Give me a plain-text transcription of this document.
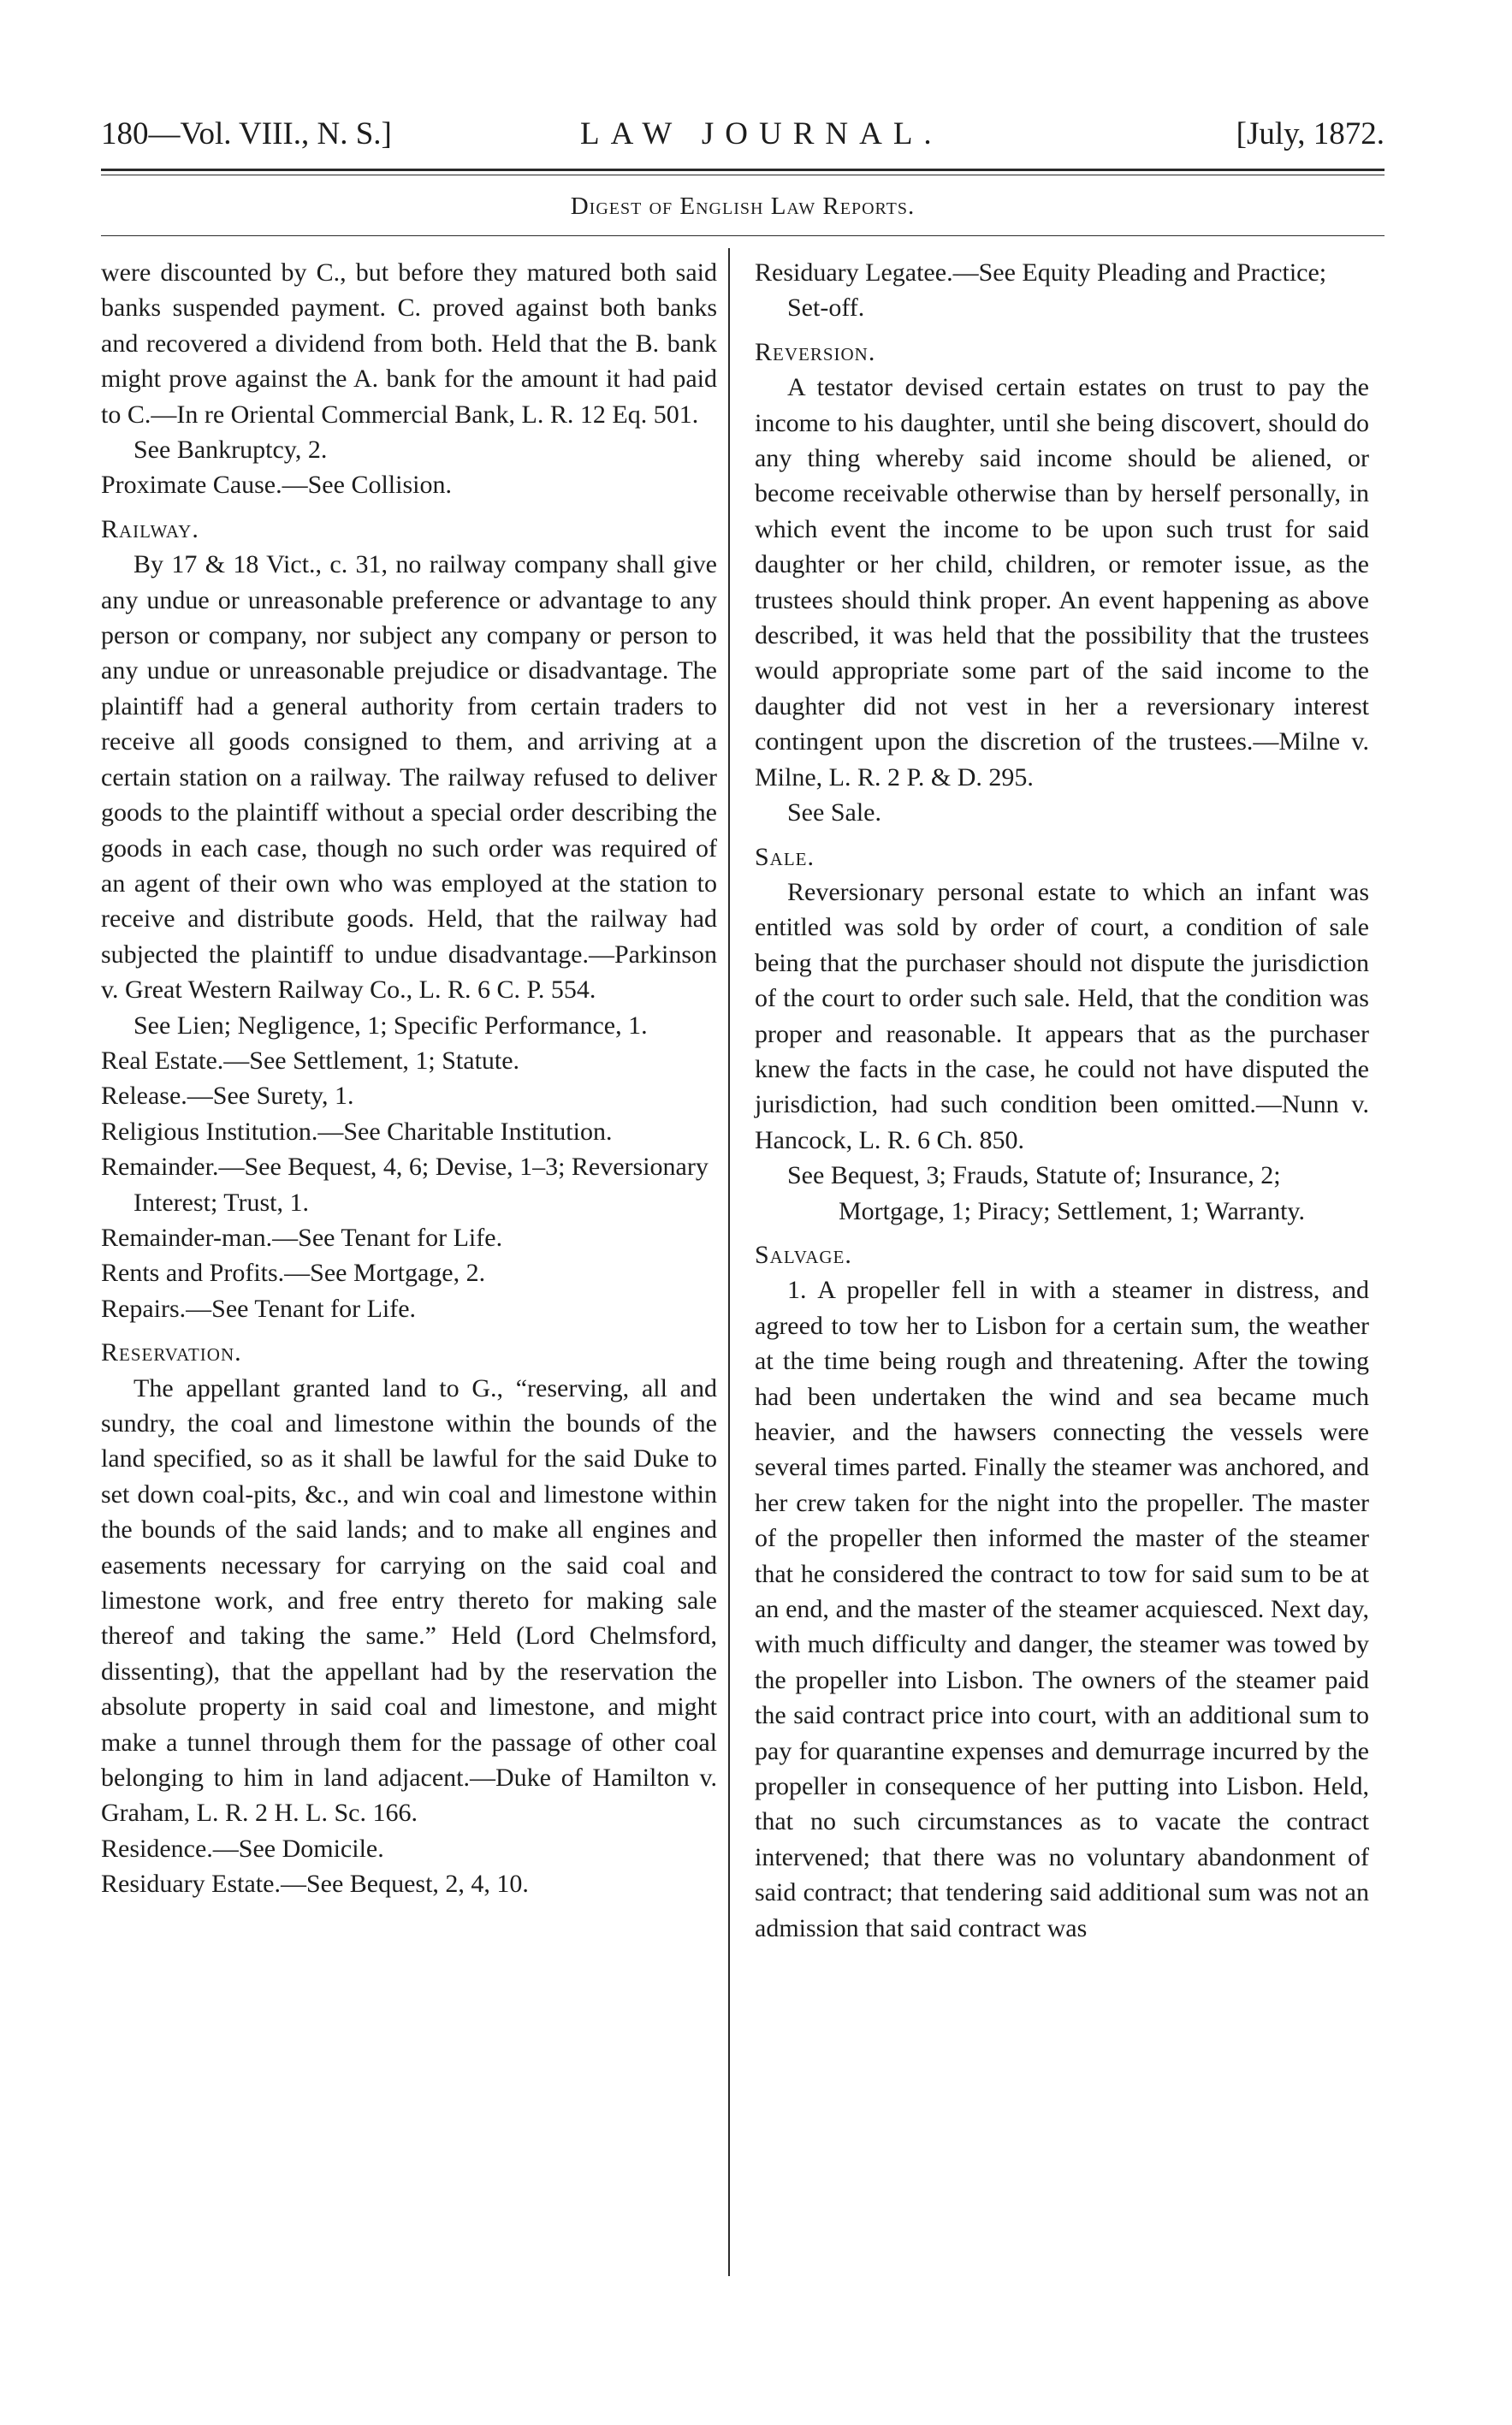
180—Vol. VIII., N. S.]	LAW JOURNAL.	[July, 1872.
Digest of English Law Reports.

were discounted by C., but before they matured both said banks suspended payment. C. proved against both banks and recovered a dividend from both. Held that the B. bank might prove against the A. bank for the amount it had paid to C.—In re Oriental Commercial Bank, L. R. 12 Eq. 501.

See Bankruptcy, 2.

Proximate Cause.—See Collision.

Railway.

By 17 & 18 Vict., c. 31, no railway company shall give any undue or unreasonable preference or advantage to any person or company, nor subject any company or person to any undue or unreasonable prejudice or disadvantage. The plaintiff had a general authority from certain traders to receive all goods consigned to them, and arriving at a certain station on a railway. The railway refused to deliver goods to the plaintiff without a special order describing the goods in each case, though no such order was required of an agent of their own who was employed at the station to receive and distribute goods. Held, that the railway had subjected the plaintiff to undue disadvantage.—Parkinson v. Great Western Railway Co., L. R. 6 C. P. 554.

See Lien; Negligence, 1; Specific Performance, 1.

Real Estate.—See Settlement, 1; Statute.

Release.—See Surety, 1.

Religious Institution.—See Charitable Institution.

Remainder.—See Bequest, 4, 6; Devise, 1–3; Reversionary Interest; Trust, 1.

Remainder-man.—See Tenant for Life.

Rents and Profits.—See Mortgage, 2.

Repairs.—See Tenant for Life.

Reservation.

The appellant granted land to G., “reserving, all and sundry, the coal and limestone within the bounds of the land specified, so as it shall be lawful for the said Duke to set down coal-pits, &c., and win coal and limestone within the bounds of the said lands; and to make all engines and easements necessary for carrying on the said coal and limestone work, and free entry thereto for making sale thereof and taking the same.” Held (Lord Chelmsford, dissenting), that the appellant had by the reservation the absolute property in said coal and limestone, and might make a tunnel through them for the passage of other coal belonging to him in land adjacent.—Duke of Hamilton v. Graham, L. R. 2 H. L. Sc. 166.

Residence.—See Domicile.

Residuary Estate.—See Bequest, 2, 4, 10.

Residuary Legatee.—See Equity Pleading and Practice; Set-off.

Reversion.

A testator devised certain estates on trust to pay the income to his daughter, until she being discovert, should do any thing whereby said income should be aliened, or become receivable otherwise than by herself personally, in which event the income to be upon such trust for said daughter or her child, children, or remoter issue, as the trustees should think proper. An event happening as above described, it was held that the possibility that the trustees would appropriate some part of the said income to the daughter did not vest in her a reversionary interest contingent upon the discretion of the trustees.—Milne v. Milne, L. R. 2 P. & D. 295.

See Sale.

Sale.

Reversionary personal estate to which an infant was entitled was sold by order of court, a condition of sale being that the purchaser should not dispute the jurisdiction of the court to order such sale. Held, that the condition was proper and reasonable. It appears that as the purchaser knew the facts in the case, he could not have disputed the jurisdiction, had such condition been omitted.—Nunn v. Hancock, L. R. 6 Ch. 850.

See Bequest, 3; Frauds, Statute of; Insurance, 2; Mortgage, 1; Piracy; Settlement, 1; Warranty.

Salvage.

1. A propeller fell in with a steamer in distress, and agreed to tow her to Lisbon for a certain sum, the weather at the time being rough and threatening. After the towing had been undertaken the wind and sea became much heavier, and the hawsers connecting the vessels were several times parted. Finally the steamer was anchored, and her crew taken for the night into the propeller. The master of the propeller then informed the master of the steamer that he considered the contract to tow for said sum to be at an end, and the master of the steamer acquiesced. Next day, with much difficulty and danger, the steamer was towed by the propeller into Lisbon. The owners of the steamer paid the said contract price into court, with an additional sum to pay for quarantine expenses and demurrage incurred by the propeller in consequence of her putting into Lisbon. Held, that no such circumstances as to vacate the contract intervened; that there was no voluntary abandonment of said contract; that tendering said additional sum was not an admission that said contract was
